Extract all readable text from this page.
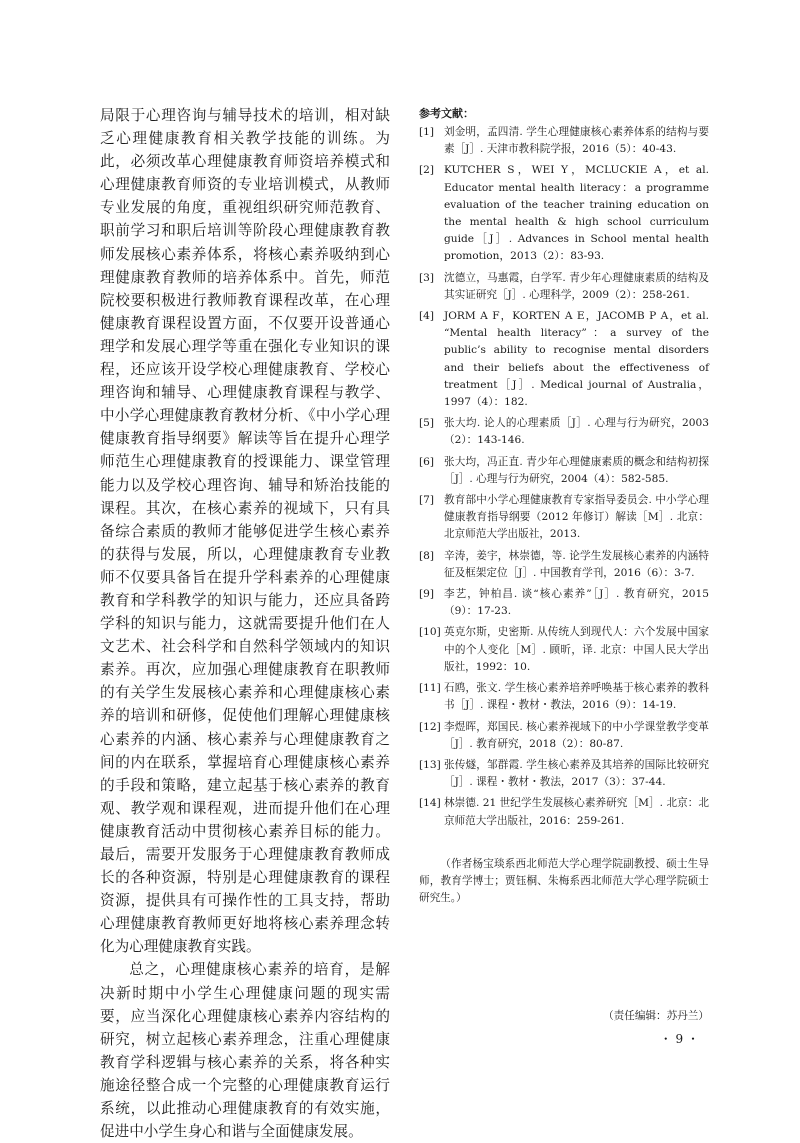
局限于心理咨询与辅导技术的培训，相对缺乏心理健康教育相关教学技能的训练。为此，必须改革心理健康教育师资培养模式和心理健康教育师资的专业培训模式，从教师专业发展的角度，重视组织研究师范教育、职前学习和职后培训等阶段心理健康教育教师发展核心素养体系，将核心素养吸纳到心理健康教育教师的培养体系中。首先，师范院校要积极进行教师教育课程改革，在心理健康教育课程设置方面，不仅要开设普通心理学和发展心理学等重在强化专业知识的课程，还应该开设学校心理健康教育、学校心理咨询和辅导、心理健康教育课程与教学、中小学心理健康教育教材分析、《中小学心理健康教育指导纲要》解读等旨在提升心理学师范生心理健康教育的授课能力、课堂管理能力以及学校心理咨询、辅导和矫治技能的课程。其次，在核心素养的视域下，只有具备综合素质的教师才能够促进学生核心素养的获得与发展，所以，心理健康教育专业教师不仅要具备旨在提升学科素养的心理健康教育和学科教学的知识与能力，还应具备跨学科的知识与能力，这就需要提升他们在人文艺术、社会科学和自然科学领域内的知识素养。再次，应加强心理健康教育在职教师的有关学生发展核心素养和心理健康核心素养的培训和研修，促使他们理解心理健康核心素养的内涵、核心素养与心理健康教育之间的内在联系，掌握培育心理健康核心素养的手段和策略，建立起基于核心素养的教育观、教学观和课程观，进而提升他们在心理健康教育活动中贯彻核心素养目标的能力。最后，需要开发服务于心理健康教育教师成长的各种资源，特别是心理健康教育的课程资源，提供具有可操作性的工具支持，帮助心理健康教育教师更好地将核心素养理念转化为心理健康教育实践。

总之，心理健康核心素养的培育，是解决新时期中小学生心理健康问题的现实需要，应当深化心理健康核心素养内容结构的研究，树立起核心素养理念，注重心理健康教育学科逻辑与核心素养的关系，将各种实施途径整合成一个完整的心理健康教育运行系统，以此推动心理健康教育的有效实施，促进中小学生身心和谐与全面健康发展。

参考文献：
[1] 刘金明，孟四清. 学生心理健康核心素养体系的结构与要素［J］. 天津市教科院学报，2016（5）：40-43.
[2] KUTCHER S，WEI Y，MCLUCKIE A，et al. Educator mental health literacy：a programme evaluation of the teacher training education on the mental health & high school curriculum guide［J］. Advances in School mental health promotion，2013（2）：83-93.
[3] 沈德立，马惠霞，白学军. 青少年心理健康素质的结构及其实证研究［J］. 心理科学，2009（2）：258-261.
[4] JORM A F，KORTEN A E，JACOMB P A，et al. “Mental health literacy”：a survey of the public’s ability to recognise mental disorders and their beliefs about the effectiveness of treatment［J］. Medical journal of Australia，1997（4）：182.
[5] 张大均. 论人的心理素质［J］. 心理与行为研究，2003（2）：143-146.
[6] 张大均，冯正直. 青少年心理健康素质的概念和结构初探［J］. 心理与行为研究，2004（4）：582-585.
[7] 教育部中小学心理健康教育专家指导委员会. 中小学心理健康教育指导纲要（2012 年修订）解读［M］. 北京：北京师范大学出版社，2013.
[8] 辛涛，姜宇，林崇德，等. 论学生发展核心素养的内涵特征及框架定位［J］. 中国教育学刊，2016（6）：3-7.
[9] 李艺，钟柏昌. 谈“核心素养”［J］. 教育研究，2015（9）：17-23.
[10] 英克尔斯，史密斯. 从传统人到现代人：六个发展中国家中的个人变化［M］. 顾昕，译. 北京：中国人民大学出版社，1992：10.
[11] 石鸥，张文. 学生核心素养培养呼唤基于核心素养的教科书［J］. 课程・教材・教法，2016（9）：14-19.
[12] 李煜晖，郑国民. 核心素养视域下的中小学课堂教学变革［J］. 教育研究，2018（2）：80-87.
[13] 张传燧，邹群霞. 学生核心素养及其培养的国际比较研究［J］. 课程・教材・教法，2017（3）：37-44.
[14] 林崇德. 21 世纪学生发展核心素养研究［M］. 北京：北京师范大学出版社，2016：259-261.
（作者杨宝琰系西北师范大学心理学院副教授、硕士生导师，教育学博士；贾钰桐、朱梅系西北师范大学心理学院硕士研究生。）
（责任编辑：苏丹兰）
・ 9 ・
